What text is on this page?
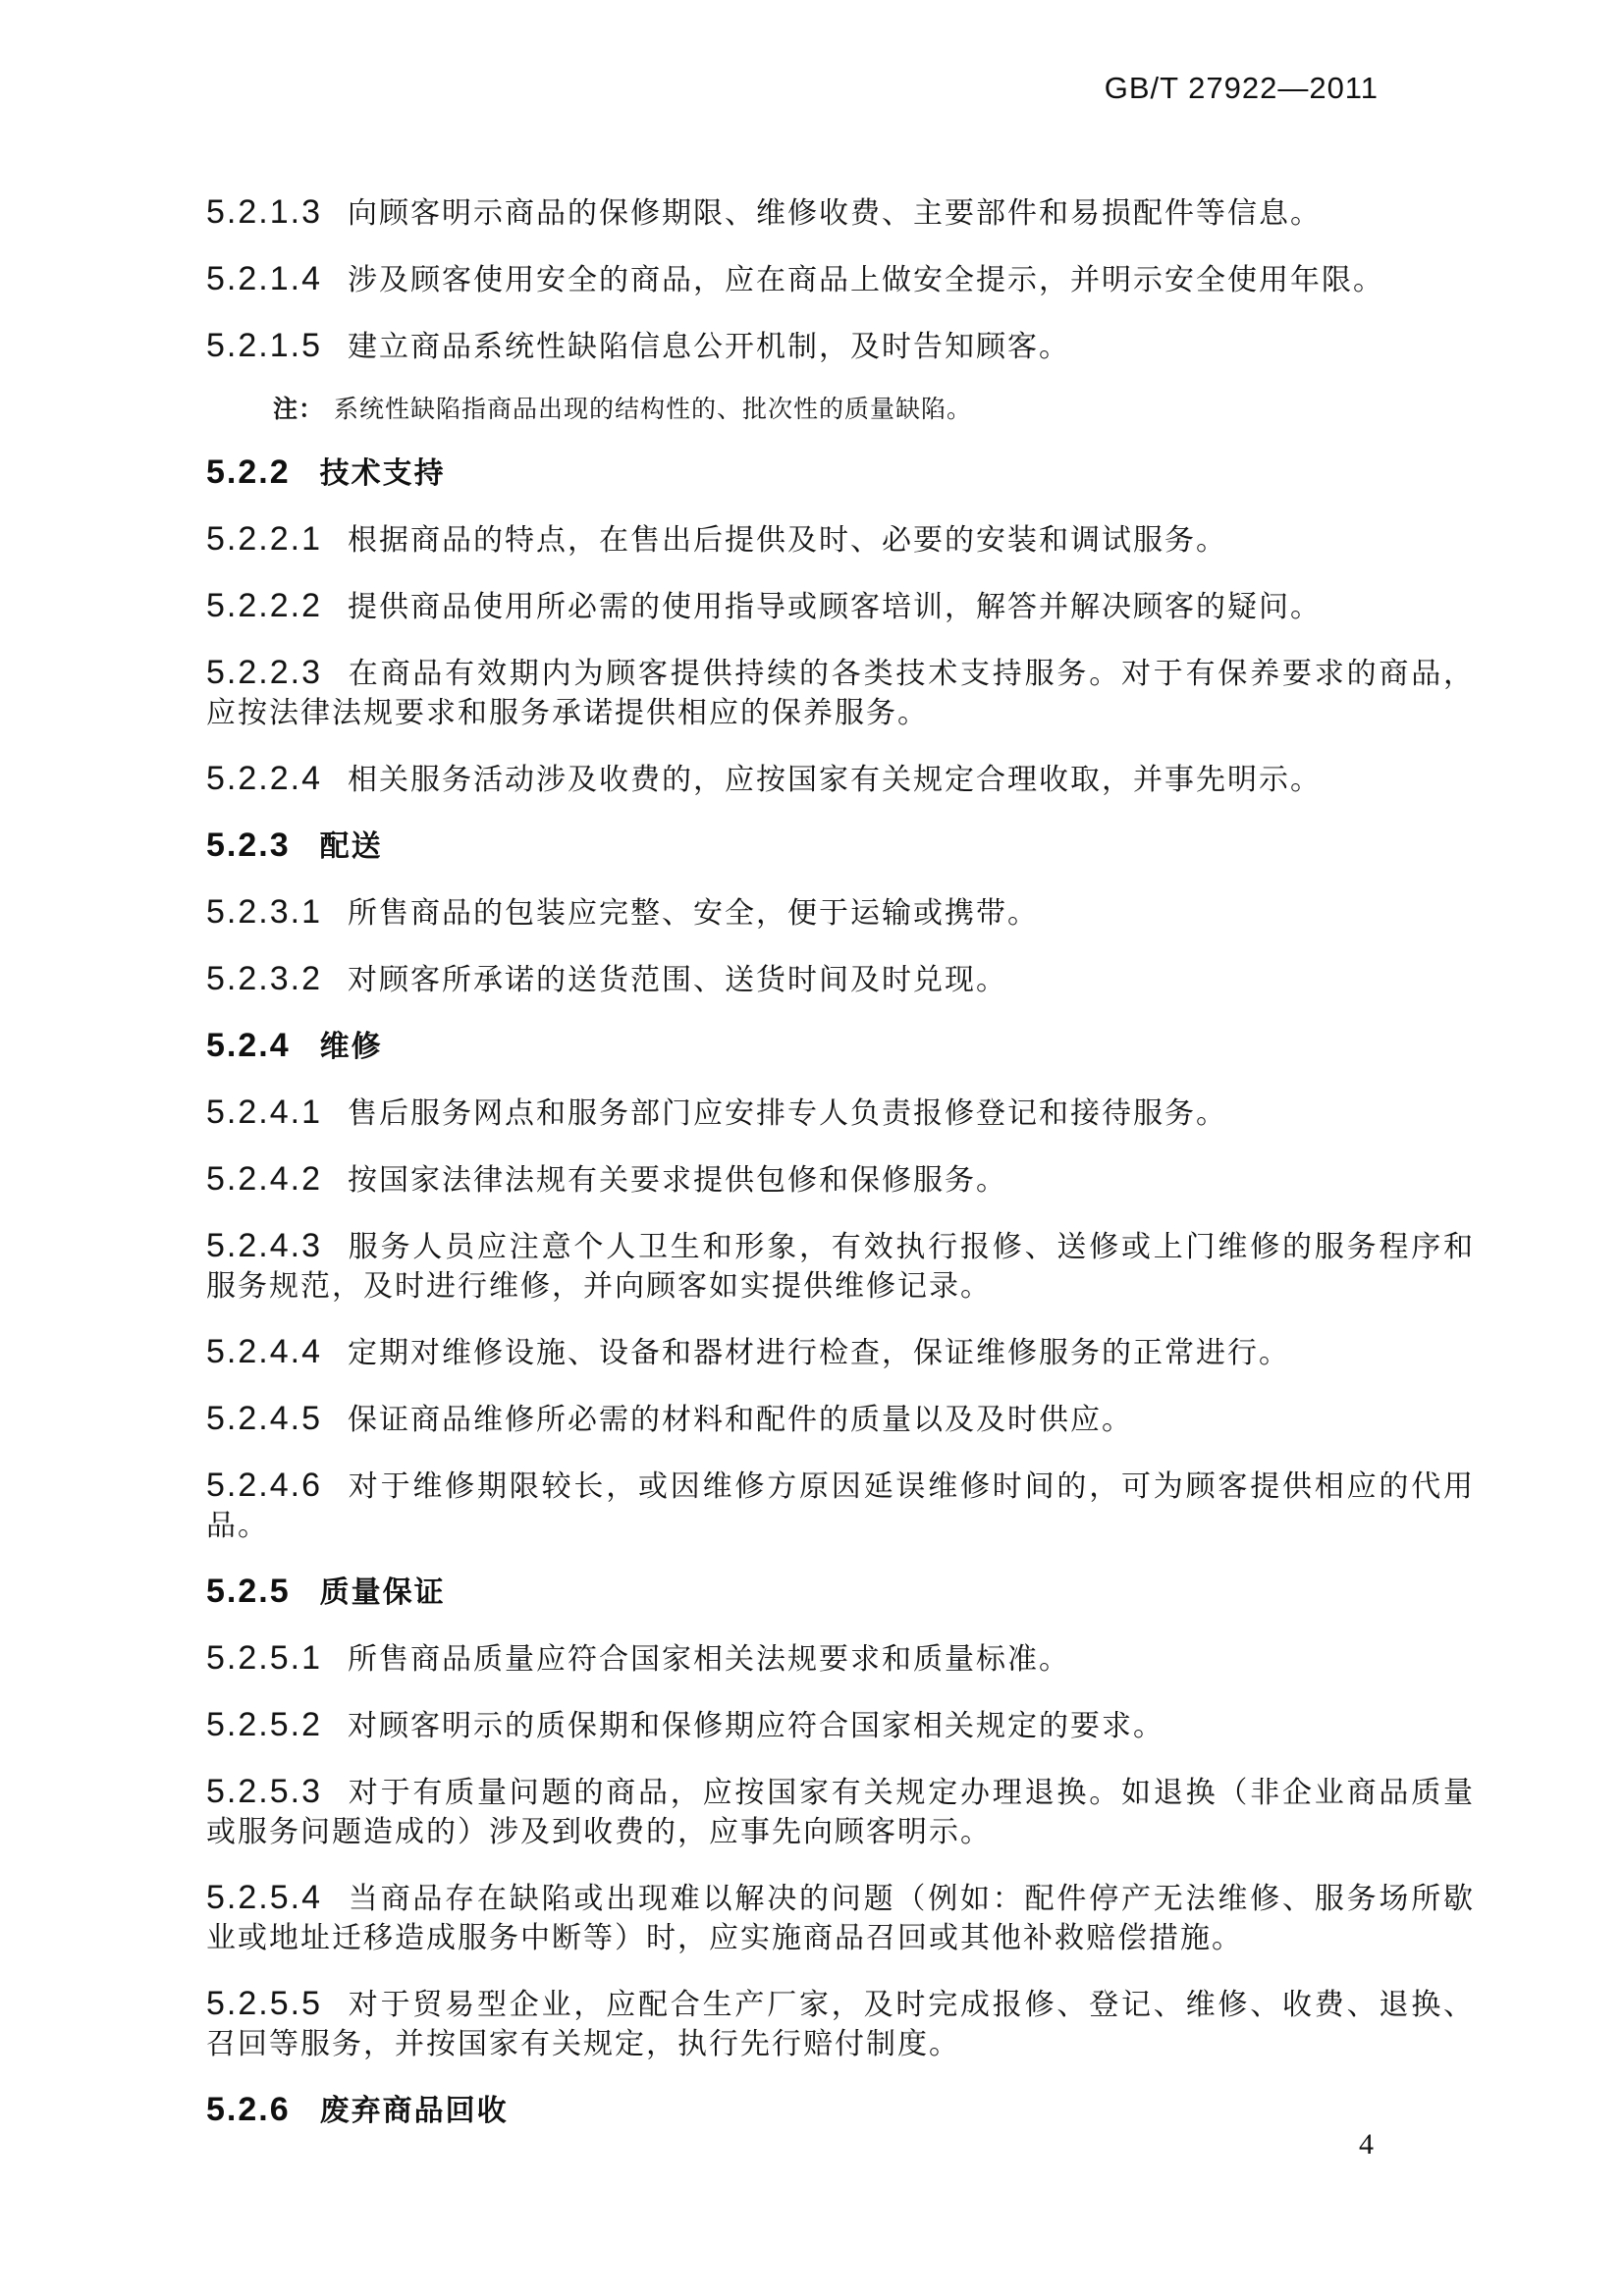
GB/T 27922—2011

5.2.1.3 向顾客明示商品的保修期限、维修收费、主要部件和易损配件等信息。

5.2.1.4 涉及顾客使用安全的商品，应在商品上做安全提示，并明示安全使用年限。

5.2.1.5 建立商品系统性缺陷信息公开机制，及时告知顾客。

注： 系统性缺陷指商品出现的结构性的、批次性的质量缺陷。

5.2.2 技术支持

5.2.2.1 根据商品的特点，在售出后提供及时、必要的安装和调试服务。

5.2.2.2 提供商品使用所必需的使用指导或顾客培训，解答并解决顾客的疑问。

5.2.2.3 在商品有效期内为顾客提供持续的各类技术支持服务。对于有保养要求的商品，应按法律法规要求和服务承诺提供相应的保养服务。

5.2.2.4 相关服务活动涉及收费的，应按国家有关规定合理收取，并事先明示。

5.2.3 配送

5.2.3.1 所售商品的包装应完整、安全，便于运输或携带。

5.2.3.2 对顾客所承诺的送货范围、送货时间及时兑现。

5.2.4 维修

5.2.4.1 售后服务网点和服务部门应安排专人负责报修登记和接待服务。

5.2.4.2 按国家法律法规有关要求提供包修和保修服务。

5.2.4.3 服务人员应注意个人卫生和形象，有效执行报修、送修或上门维修的服务程序和服务规范，及时进行维修，并向顾客如实提供维修记录。

5.2.4.4 定期对维修设施、设备和器材进行检查，保证维修服务的正常进行。

5.2.4.5 保证商品维修所必需的材料和配件的质量以及及时供应。

5.2.4.6 对于维修期限较长，或因维修方原因延误维修时间的，可为顾客提供相应的代用品。

5.2.5 质量保证

5.2.5.1 所售商品质量应符合国家相关法规要求和质量标准。

5.2.5.2 对顾客明示的质保期和保修期应符合国家相关规定的要求。

5.2.5.3 对于有质量问题的商品，应按国家有关规定办理退换。如退换（非企业商品质量或服务问题造成的）涉及到收费的，应事先向顾客明示。

5.2.5.4 当商品存在缺陷或出现难以解决的问题（例如：配件停产无法维修、服务场所歇业或地址迁移造成服务中断等）时，应实施商品召回或其他补救赔偿措施。

5.2.5.5 对于贸易型企业，应配合生产厂家，及时完成报修、登记、维修、收费、退换、召回等服务，并按国家有关规定，执行先行赔付制度。

5.2.6 废弃商品回收

4
